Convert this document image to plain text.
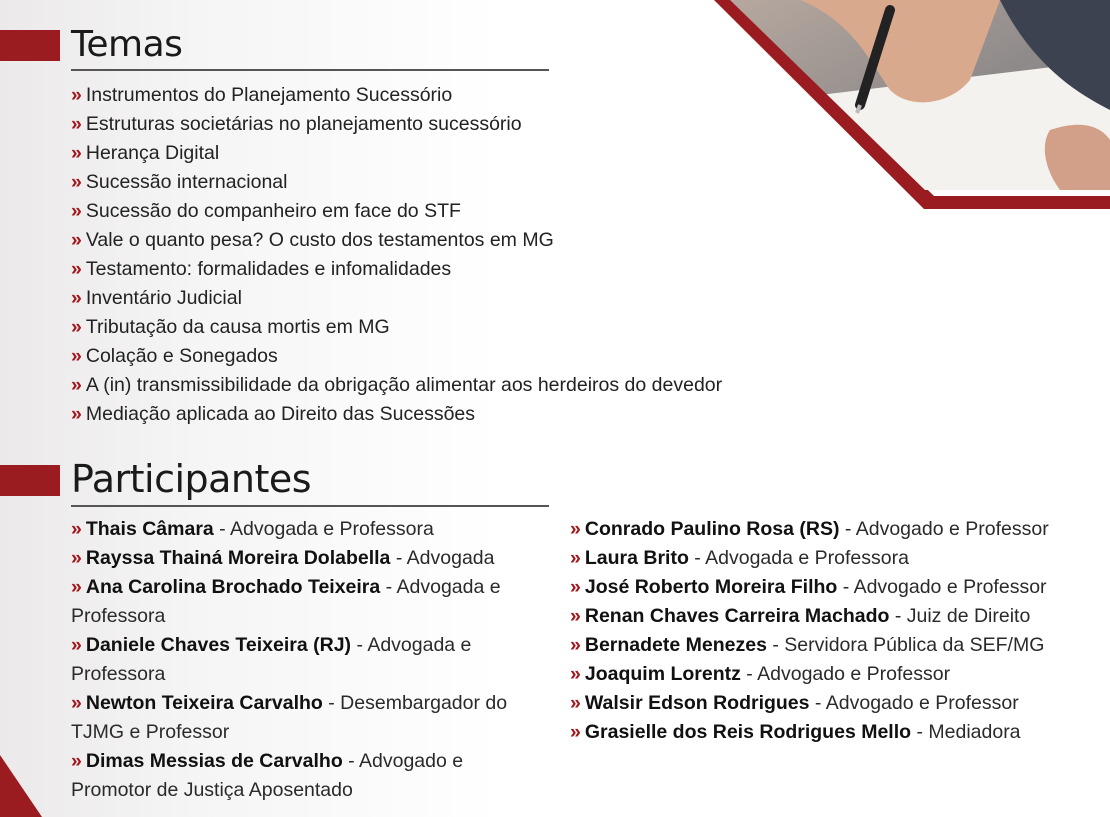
Temas
» Instrumentos do Planejamento Sucessório
» Estruturas societárias no planejamento sucessório
» Herança Digital
» Sucessão internacional
» Sucessão do companheiro em face do STF
» Vale o quanto pesa? O custo dos testamentos em MG
» Testamento: formalidades e infomalidades
» Inventário Judicial
» Tributação da causa mortis em MG
» Colação e Sonegados
» A (in) transmissibilidade da obrigação alimentar aos herdeiros do devedor
» Mediação aplicada ao Direito das Sucessões
Participantes
» Thais Câmara - Advogada e Professora
» Rayssa Thainá Moreira Dolabella - Advogada
» Ana Carolina Brochado Teixeira - Advogada e Professora
» Daniele Chaves Teixeira (RJ) - Advogada e Professora
» Newton Teixeira Carvalho - Desembargador do TJMG e Professor
» Dimas Messias de Carvalho - Advogado e Promotor de Justiça Aposentado
» Conrado Paulino Rosa (RS) - Advogado e Professor
» Laura Brito - Advogada e Professora
» José Roberto Moreira Filho - Advogado e Professor
» Renan Chaves Carreira Machado - Juiz de Direito
» Bernadete Menezes - Servidora Pública da SEF/MG
» Joaquim Lorentz - Advogado e Professor
» Walsir Edson Rodrigues - Advogado e Professor
» Grasielle dos Reis Rodrigues Mello - Mediadora
